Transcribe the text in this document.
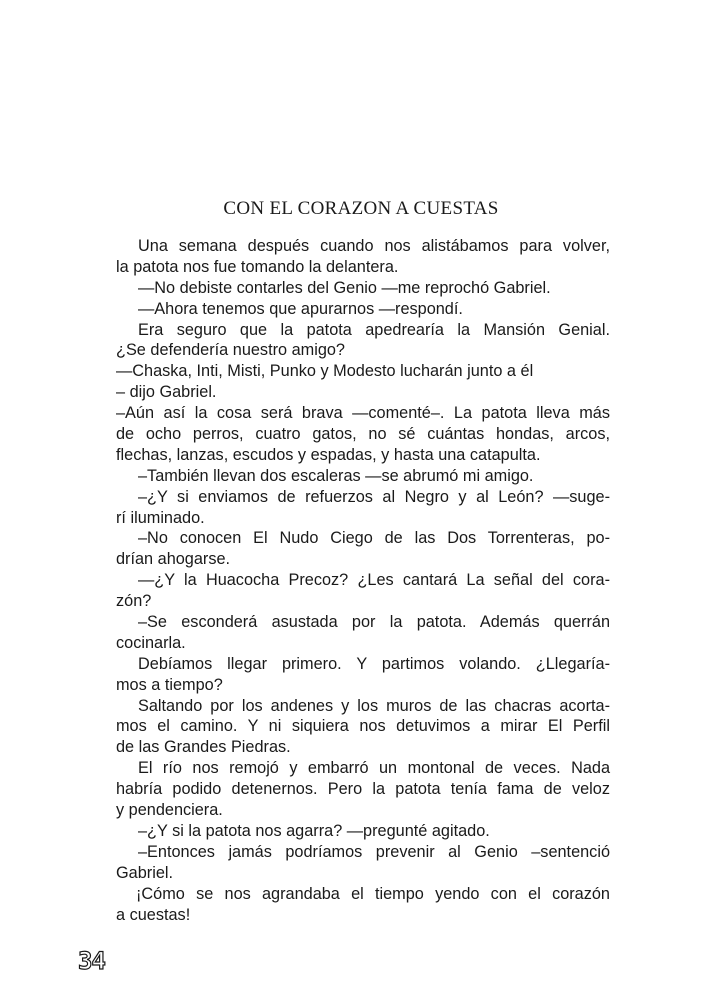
CON EL CORAZON A CUESTAS
Una semana después cuando nos alistábamos para volver,
la patota nos fue tomando la delantera.
—No debiste contarles del Genio —me reprochó Gabriel.
—Ahora tenemos que apurarnos —respondí.
Era seguro que la patota apedrearía la Mansión Genial.
¿Se defendería nuestro amigo?
—Chaska, Inti, Misti, Punko y Modesto lucharán junto a él
– dijo Gabriel.
–Aún así la cosa será brava —comenté–. La patota lleva más
de ocho perros, cuatro gatos, no sé cuántas hondas, arcos,
flechas, lanzas, escudos y espadas, y hasta una catapulta.
–También llevan dos escaleras —se abrumó mi amigo.
–¿Y si enviamos de refuerzos al Negro y al León? —suge-
rí iluminado.
–No conocen El Nudo Ciego de las Dos Torrenteras, po-
drían ahogarse.
—¿Y la Huacocha Precoz? ¿Les cantará La señal del cora-
zón?
–Se esconderá asustada por la patota. Además querrán
cocinarla.
Debíamos llegar primero. Y partimos volando. ¿Llegaría-
mos a tiempo?
Saltando por los andenes y los muros de las chacras acorta-
mos el camino. Y ni siquiera nos detuvimos a mirar El Perfil
de las Grandes Piedras.
El río nos remojó y embarró un montonal de veces. Nada
habría podido detenernos. Pero la patota tenía fama de veloz
y pendenciera.
–¿Y si la patota nos agarra? —pregunté agitado.
–Entonces jamás podríamos prevenir al Genio –sentenció
Gabriel.
¡Cómo se nos agrandaba el tiempo yendo con el corazón
a cuestas!
34
